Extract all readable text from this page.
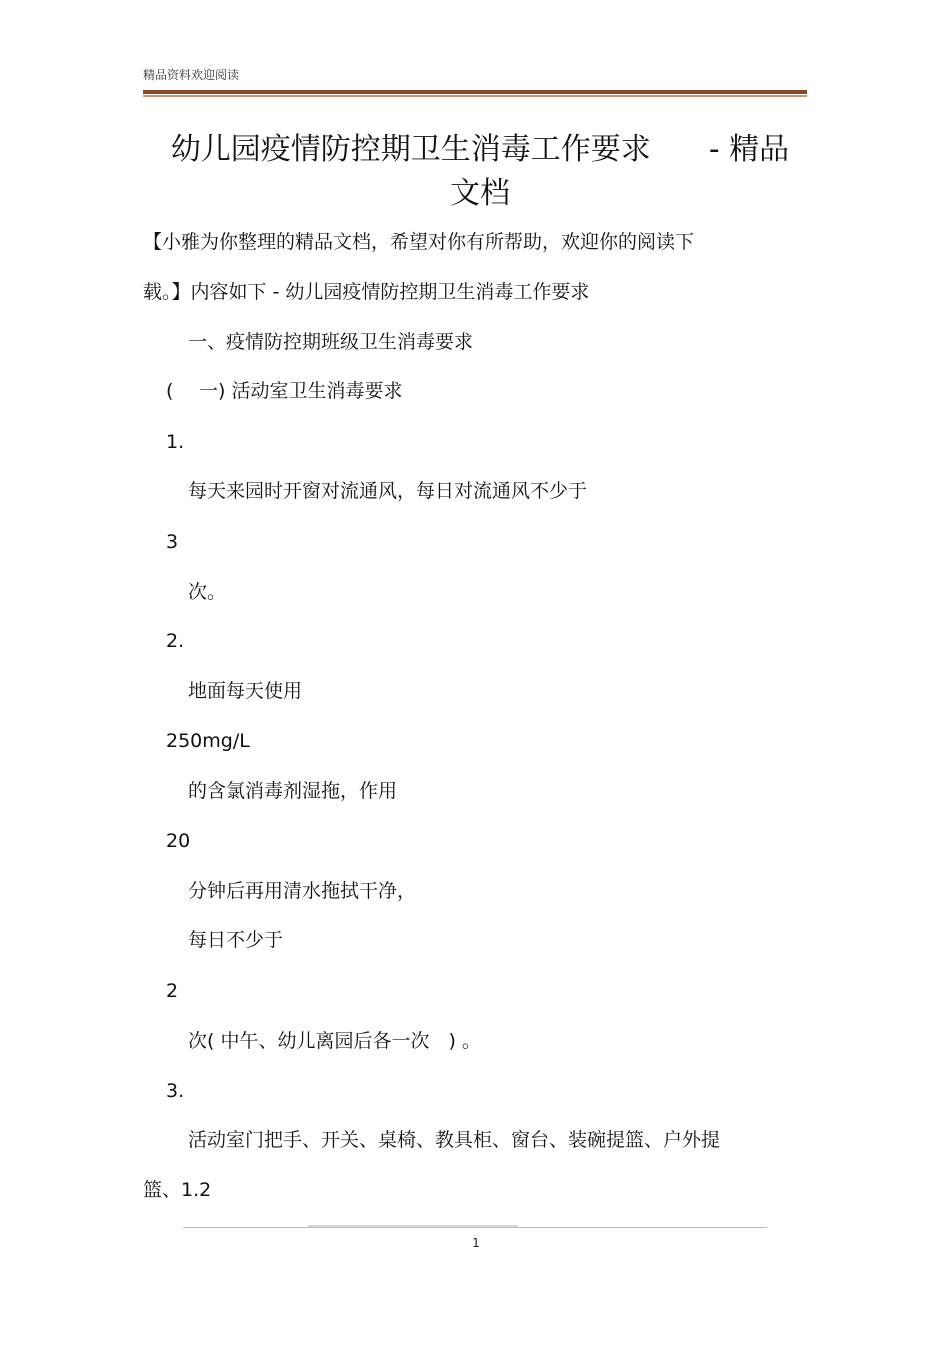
精品资料欢迎阅读
幼儿园疫情防控期卫生消毒工作要求 - 精品
文档
【小雅为你整理的精品文档，希望对你有所帮助，欢迎你的阅读下
载。】内容如下 - 幼儿园疫情防控期卫生消毒工作要求
一、疫情防控期班级卫生消毒要求
( 一) 活动室卫生消毒要求
1.
每天来园时开窗对流通风，每日对流通风不少于
3
次。
2.
地面每天使用
250mg/L
的含氯消毒剂湿拖，作用
20
分钟后再用清水拖拭干净，
每日不少于
2
次( 中午、幼儿离园后各一次　) 。
3.
活动室门把手、开关、桌椅、教具柜、窗台、装碗提篮、户外提
篮、1.2
1
